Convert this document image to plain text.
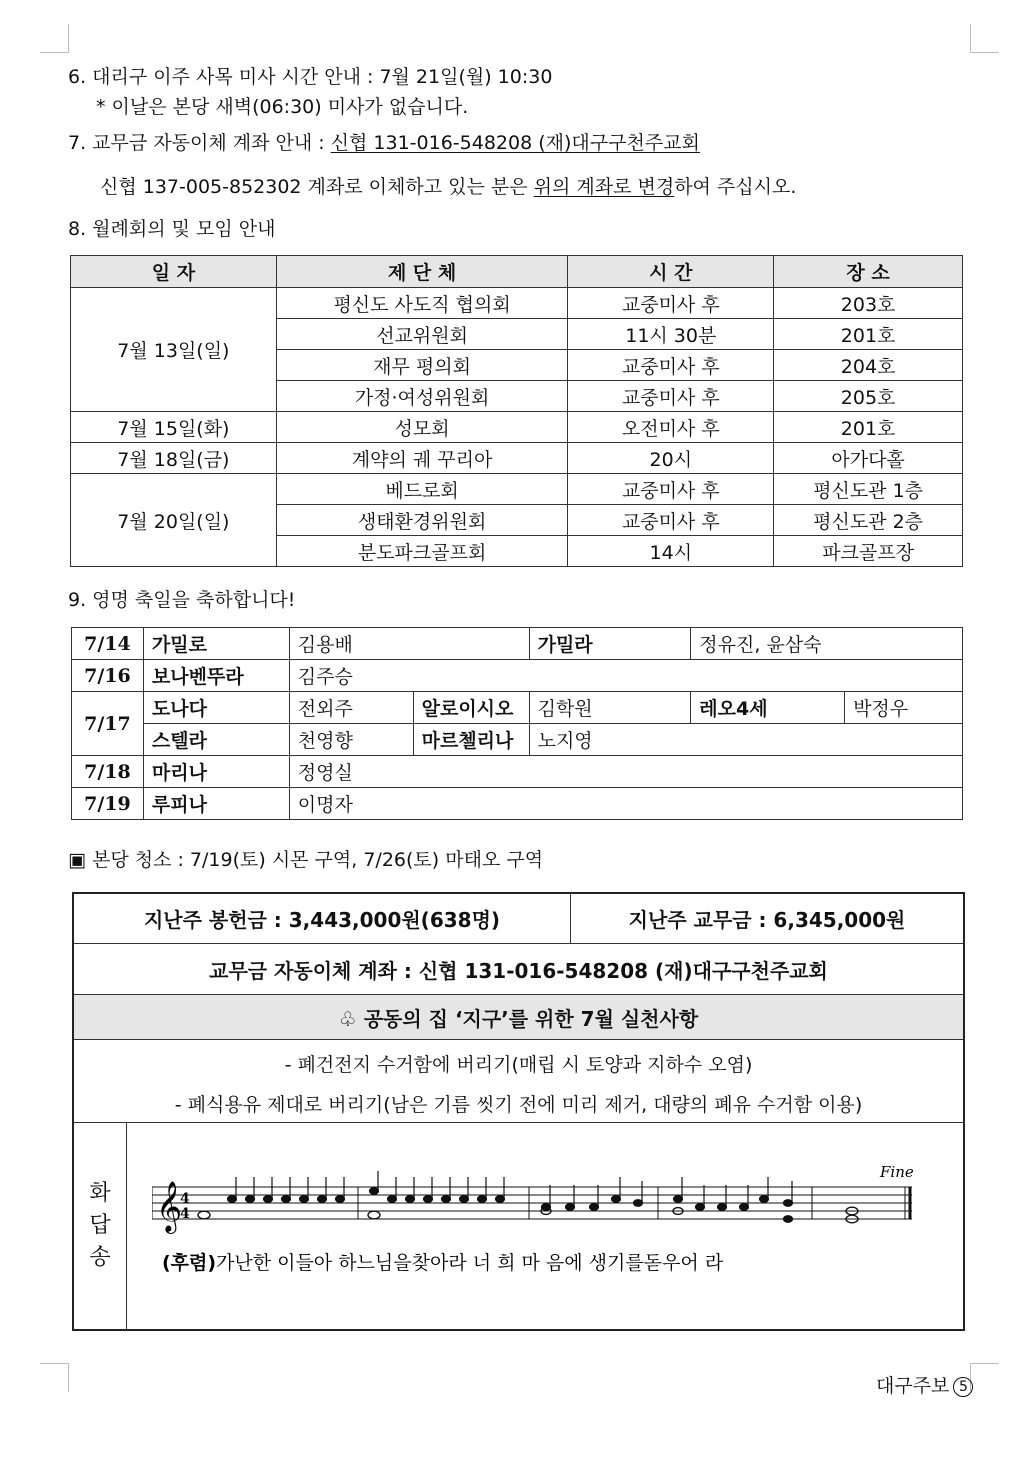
6. 대리구 이주 사목 미사 시간 안내 : 7월 21일(월) 10:30
* 이날은 본당 새벽(06:30) 미사가 없습니다.
7. 교무금 자동이체 계좌 안내 : 신협 131-016-548208 (재)대구구천주교회
신협 137-005-852302 계좌로 이체하고 있는 분은 위의 계좌로 변경하여 주십시오.
8. 월례회의 및 모임 안내
일 자	제 단 체	시 간	장 소
7월 13일(일)	평신도 사도직 협의회	교중미사 후	203호
	선교위원회	11시 30분	201호
	재무 평의회	교중미사 후	204호
	가정·여성위원회	교중미사 후	205호
7월 15일(화)	성모회	오전미사 후	201호
7월 18일(금)	계약의 궤 꾸리아	20시	아가다홀
7월 20일(일)	베드로회	교중미사 후	평신도관 1층
	생태환경위원회	교중미사 후	평신도관 2층
	분도파크골프회	14시	파크골프장
9. 영명 축일을 축하합니다!
7/14	가밀로	김용배		가밀라	정유진, 윤삼숙	
7/16	보나벤뚜라	김주승				
7/17	도나다	전외주	알로이시오	김학원	레오4세	박정우
	스텔라	천영향	마르첼리나	노지영		
7/18	마리나	정영실				
7/19	루피나	이명자				
▣ 본당 청소 : 7/19(토) 시몬 구역, 7/26(토) 마태오 구역
지난주 봉헌금 : 3,443,000원(638명)	지난주 교무금 : 6,345,000원
교무금 자동이체 계좌 : 신협 131-016-548208 (재)대구구천주교회
♧ 공동의 집 ‘지구’를 위한 7월 실천사항
- 폐건전지 수거함에 버리기(매립 시 토양과 지하수 오염)
- 폐식용유 제대로 버리기(남은 기름 씻기 전에 미리 제거, 대량의 폐유 수거함 이용)
화
답
송
𝄞
4
4
Fine
(후렴) 가난한 이들아 하느님을찾아라 너 희 마 음에 생기를돋우어 라
대구주보 5
